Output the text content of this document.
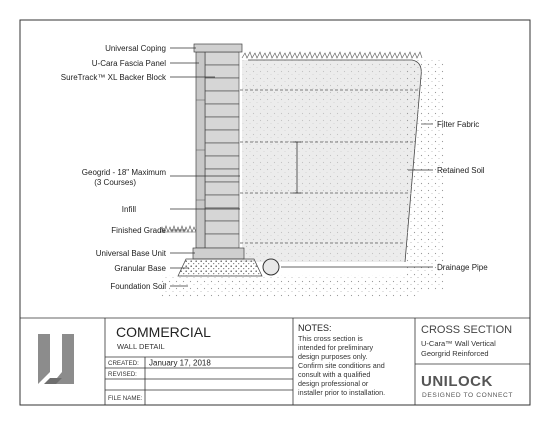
Universal Coping
U-Cara Fascia Panel
SureTrack™ XL Backer Block
Geogrid - 18" Maximum
(3 Courses)
Infill
Finished Grade
Universal Base Unit
Granular Base
Foundation Soil
Filter Fabric
Retained Soil
Drainage Pipe
COMMERCIAL
WALL DETAIL
CREATED:
REVISED:
FILE NAME:
January 17, 2018
NOTES:
This cross section is
intended for preliminary
design purposes only.
Confirm site conditions and
consult with a qualified
design professional or
installer prior to installation.
CROSS SECTION
U-Cara™ Wall Vertical
Georgrid Reinforced
UNILOCK
DESIGNED TO CONNECT
